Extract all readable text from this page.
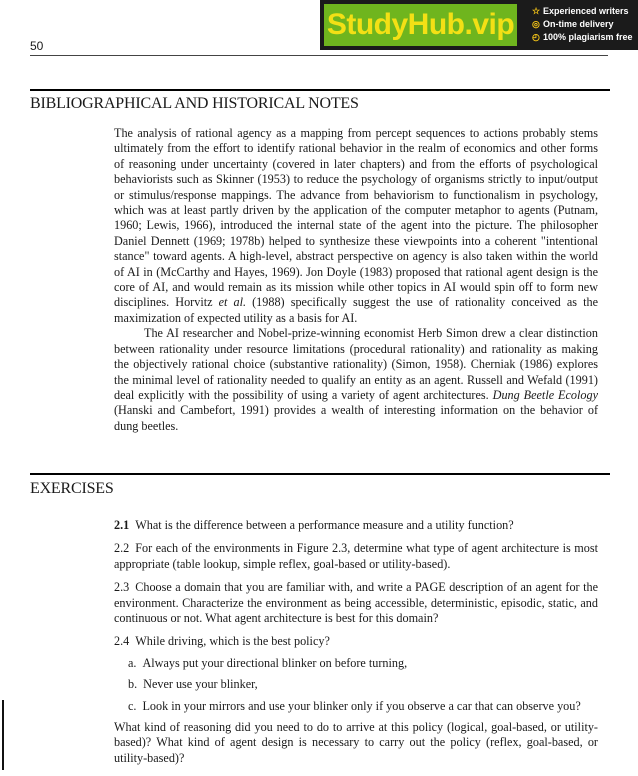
50
StudyHub.vip	☆ Experienced writers
◎ On-time delivery
◴ 100% plagiarism free
BIBLIOGRAPHICAL AND HISTORICAL NOTES

The analysis of rational agency as a mapping from percept sequences to actions probably stems ultimately from the effort to identify rational behavior in the realm of economics and other forms of reasoning under uncertainty (covered in later chapters) and from the efforts of psychological behaviorists such as Skinner (1953) to reduce the psychology of organisms strictly to input/output or stimulus/response mappings. The advance from behaviorism to functionalism in psychology, which was at least partly driven by the application of the computer metaphor to agents (Putnam, 1960; Lewis, 1966), introduced the internal state of the agent into the picture. The philosopher Daniel Dennett (1969; 1978b) helped to synthesize these viewpoints into a coherent "intentional stance" toward agents. A high-level, abstract perspective on agency is also taken within the world of AI in (McCarthy and Hayes, 1969). Jon Doyle (1983) proposed that rational agent design is the core of AI, and would remain as its mission while other topics in AI would spin off to form new disciplines. Horvitz et al. (1988) specifically suggest the use of rationality conceived as the maximization of expected utility as a basis for AI.

The AI researcher and Nobel-prize-winning economist Herb Simon drew a clear distinction between rationality under resource limitations (procedural rationality) and rationality as making the objectively rational choice (substantive rationality) (Simon, 1958). Cherniak (1986) explores the minimal level of rationality needed to qualify an entity as an agent. Russell and Wefald (1991) deal explicitly with the possibility of using a variety of agent architectures. Dung Beetle Ecology (Hanski and Cambefort, 1991) provides a wealth of interesting information on the behavior of dung beetles.

EXERCISES

2.1 What is the difference between a performance measure and a utility function?

2.2 For each of the environments in Figure 2.3, determine what type of agent architecture is most appropriate (table lookup, simple reflex, goal-based or utility-based).

2.3 Choose a domain that you are familiar with, and write a PAGE description of an agent for the environment. Characterize the environment as being accessible, deterministic, episodic, static, and continuous or not. What agent architecture is best for this domain?

2.4 While driving, which is the best policy?

a. Always put your directional blinker on before turning,

b. Never use your blinker,

c. Look in your mirrors and use your blinker only if you observe a car that can observe you?

What kind of reasoning did you need to do to arrive at this policy (logical, goal-based, or utility-based)? What kind of agent design is necessary to carry out the policy (reflex, goal-based, or utility-based)?
